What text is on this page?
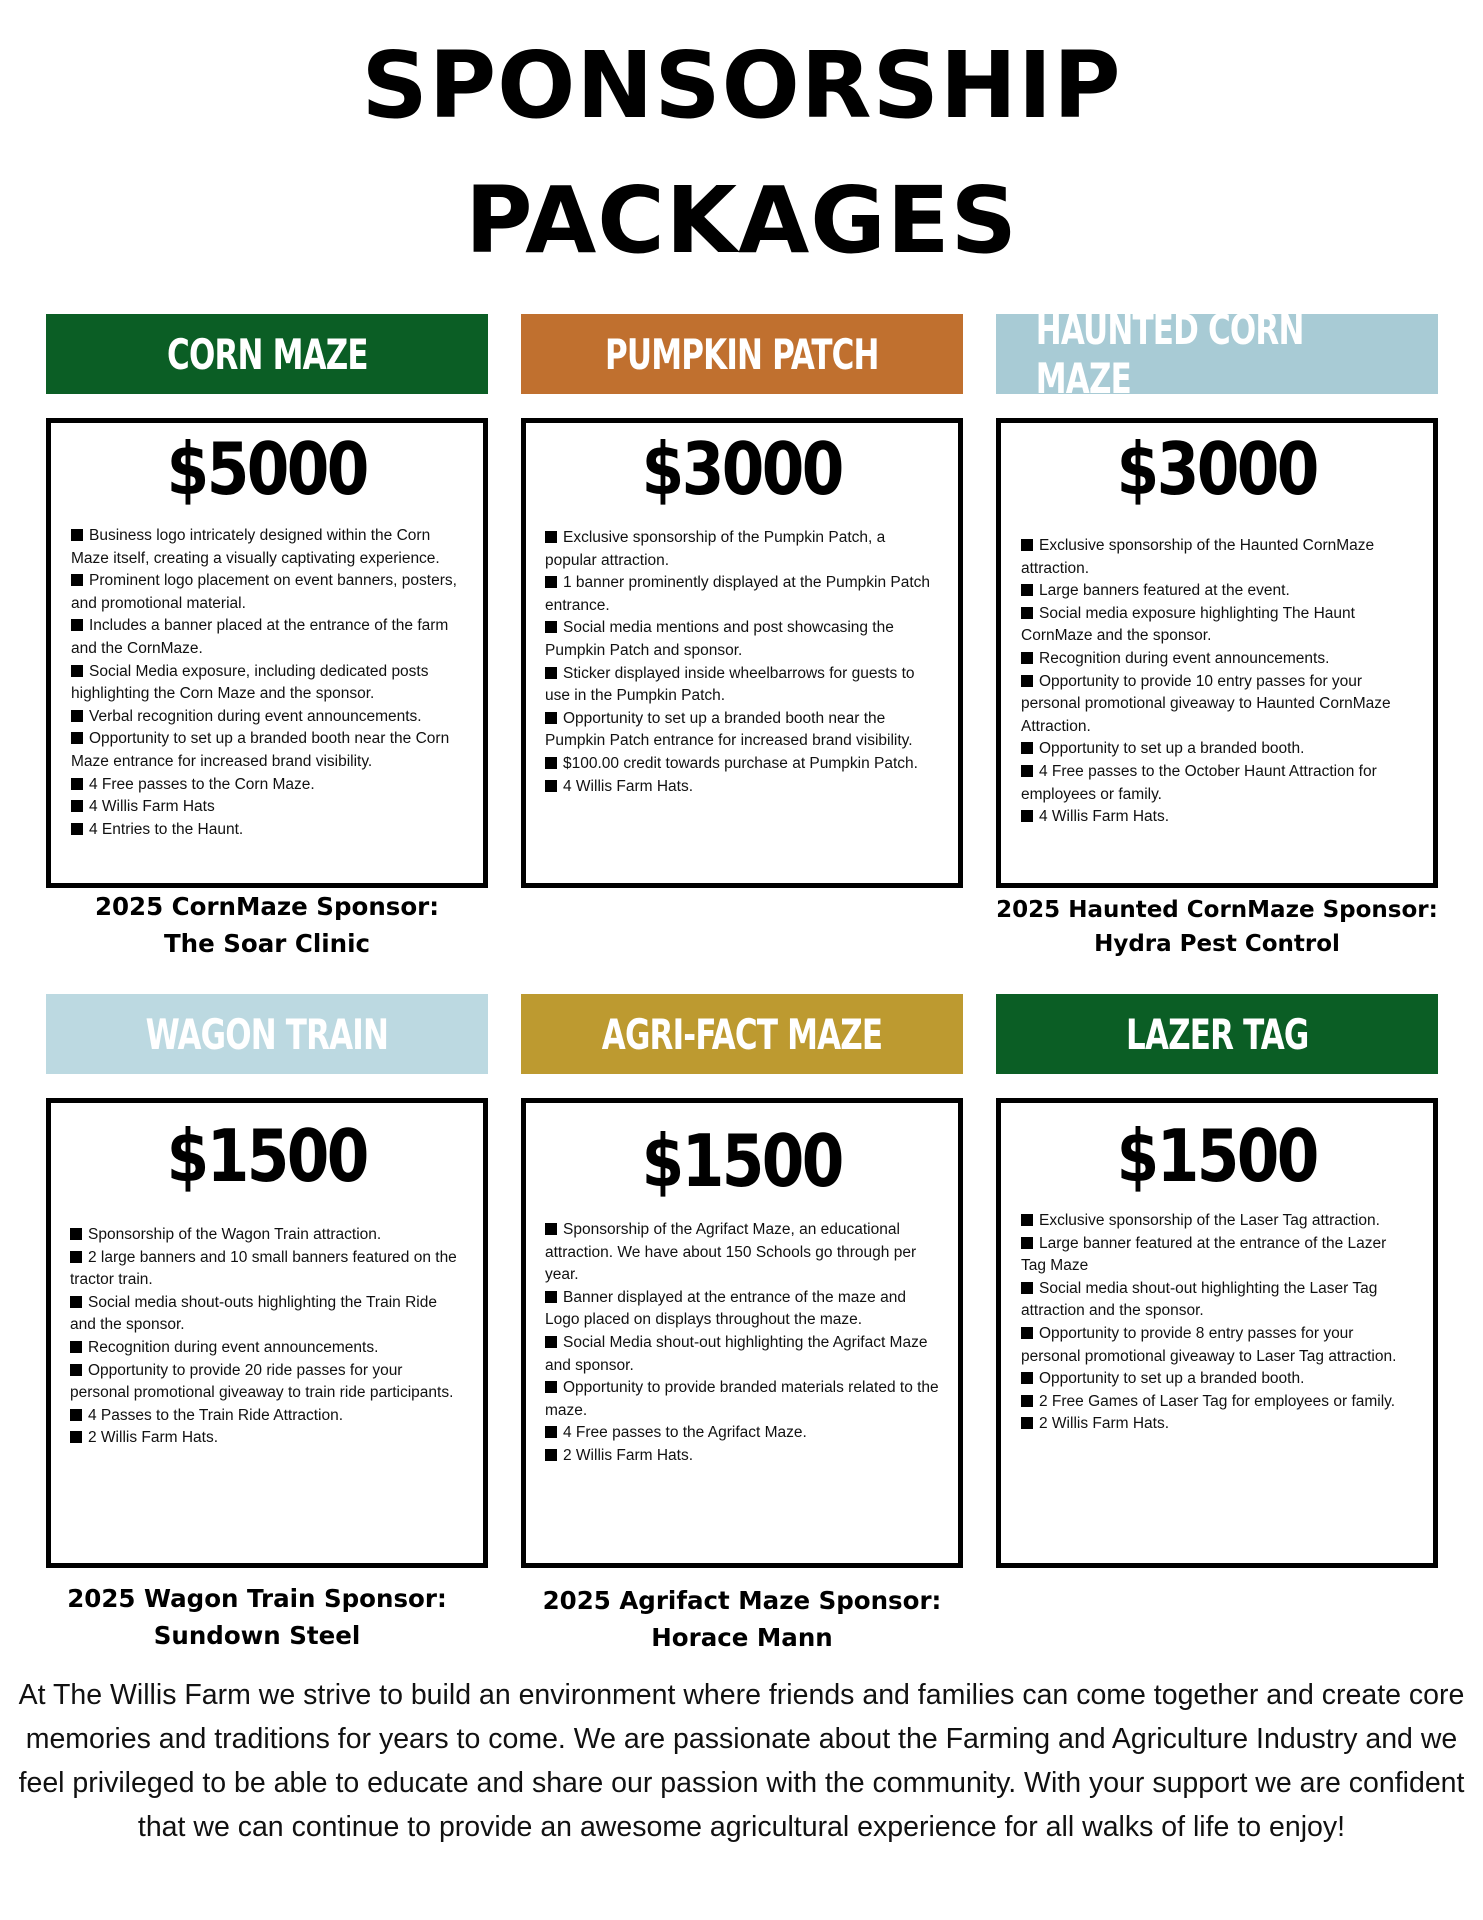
SPONSORSHIP
PACKAGES
CORN MAZE	PUMPKIN PATCH	HAUNTED CORN MAZE
$5000
Business logo intricately designed within the Corn Maze itself, creating a visually captivating experience.
Prominent logo placement on event banners, posters, and promotional material.
Includes a banner placed at the entrance of the farm and the CornMaze.
Social Media exposure, including dedicated posts highlighting the Corn Maze and the sponsor.
Verbal recognition during event announcements.
Opportunity to set up a branded booth near the Corn Maze entrance for increased brand visibility.
4 Free passes to the Corn Maze.
4 Willis Farm Hats
4 Entries to the Haunt.
$3000
Exclusive sponsorship of the Pumpkin Patch, a popular attraction.
1 banner prominently displayed at the Pumpkin Patch entrance.
Social media mentions and post showcasing the Pumpkin Patch and sponsor.
Sticker displayed inside wheelbarrows for guests to use in the Pumpkin Patch.
Opportunity to set up a branded booth near the Pumpkin Patch entrance for increased brand visibility.
$100.00 credit towards purchase at Pumpkin Patch.
4 Willis Farm Hats.
$3000
Exclusive sponsorship of the Haunted CornMaze attraction.
Large banners featured at the event.
Social media exposure highlighting The Haunt CornMaze and the sponsor.
Recognition during event announcements.
Opportunity to provide 10 entry passes for your personal promotional giveaway to Haunted CornMaze Attraction.
Opportunity to set up a branded booth.
4 Free passes to the October Haunt Attraction for employees or family.
4 Willis Farm Hats.
2025 CornMaze Sponsor:
The Soar Clinic
2025 Haunted CornMaze Sponsor:
Hydra Pest Control
WAGON TRAIN	AGRI-FACT MAZE	LAZER TAG
$1500
Sponsorship of the Wagon Train attraction.
2 large banners and 10 small banners featured on the tractor train.
Social media shout-outs highlighting the Train Ride and the sponsor.
Recognition during event announcements.
Opportunity to provide 20 ride passes for your personal promotional giveaway to train ride participants.
4 Passes to the Train Ride Attraction.
2 Willis Farm Hats.
$1500
Sponsorship of the Agrifact Maze, an educational attraction. We have about 150 Schools go through per year.
Banner displayed at the entrance of the maze and Logo placed on displays throughout the maze.
Social Media shout-out highlighting the Agrifact Maze and sponsor.
Opportunity to provide branded materials related to the maze.
4 Free passes to the Agrifact Maze.
2 Willis Farm Hats.
$1500
Exclusive sponsorship of the Laser Tag attraction.
Large banner featured at the entrance of the Lazer Tag Maze
Social media shout-out highlighting the Laser Tag attraction and the sponsor.
Opportunity to provide 8 entry passes for your personal promotional giveaway to Laser Tag attraction.
Opportunity to set up a branded booth.
2 Free Games of Laser Tag for employees or family.
2 Willis Farm Hats.
2025 Wagon Train Sponsor:
Sundown Steel
2025 Agrifact Maze Sponsor:
Horace Mann
At The Willis Farm we strive to build an environment where friends and families can come together and create core memories and traditions for years to come. We are passionate about the Farming and Agriculture Industry and we feel privileged to be able to educate and share our passion with the community. With your support we are confident that we can continue to provide an awesome agricultural experience for all walks of life to enjoy!
